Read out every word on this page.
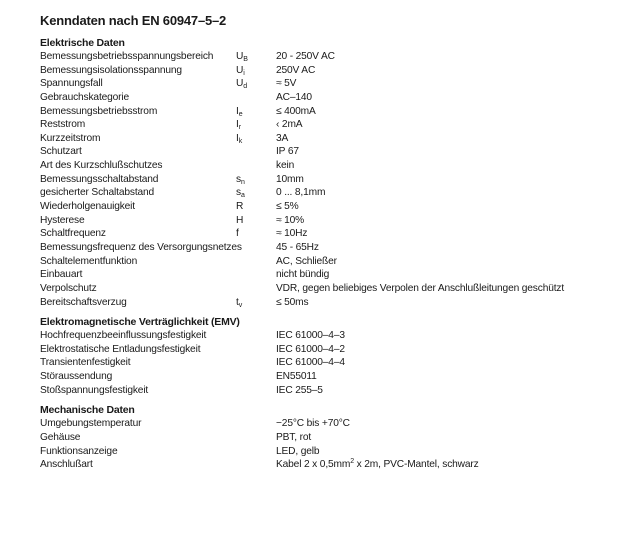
Kenndaten nach EN 60947–5–2
Elektrische Daten
Bemessungsbetriebsspannungsbereich	$U_B$	20 - 250V AC
Bemessungsisolationsspannung	$U_i$	250V AC
Spannungsfall	$U_d$	≈ 5V
Gebrauchskategorie	AC–140
Bemessungsbetriebsstrom	$I_e$	≤ 400mA
Reststrom	$I_r$	‹ 2mA
Kurzzeitstrom	$I_k$	3A
Schutzart	IP 67
Art des Kurzschlußschutzes	kein
Bemessungsschaltabstand	$s_n$	10mm
gesicherter Schaltabstand	$s_a$	0 ... 8,1mm
Wiederholgenauigkeit	R	≤ 5%
Hysterese	H	≈ 10%
Schaltfrequenz	f	≈ 10Hz
Bemessungsfrequenz des Versorgungsnetzes	45 - 65Hz
Schaltelementfunktion	AC, Schließer
Einbauart	nicht bündig
Verpolschutz	VDR, gegen beliebiges Verpolen der Anschlußleitungen geschützt
Bereitschaftsverzug	$t_v$	≤ 50ms
Elektromagnetische Verträglichkeit (EMV)
Hochfrequenzbeeinflussungsfestigkeit	IEC 61000–4–3
Elektrostatische Entladungsfestigkeit	IEC 61000–4–2
Transientenfestigkeit	IEC 61000–4–4
Störaussendung	EN55011
Stoßspannungsfestigkeit	IEC 255–5
Mechanische Daten
Umgebungstemperatur	−25°C bis +70°C
Gehäuse	PBT, rot
Funktionsanzeige	LED, gelb
Anschlußart	Kabel 2 x $0,5mm^2$ x 2m, PVC-Mantel, schwarz
